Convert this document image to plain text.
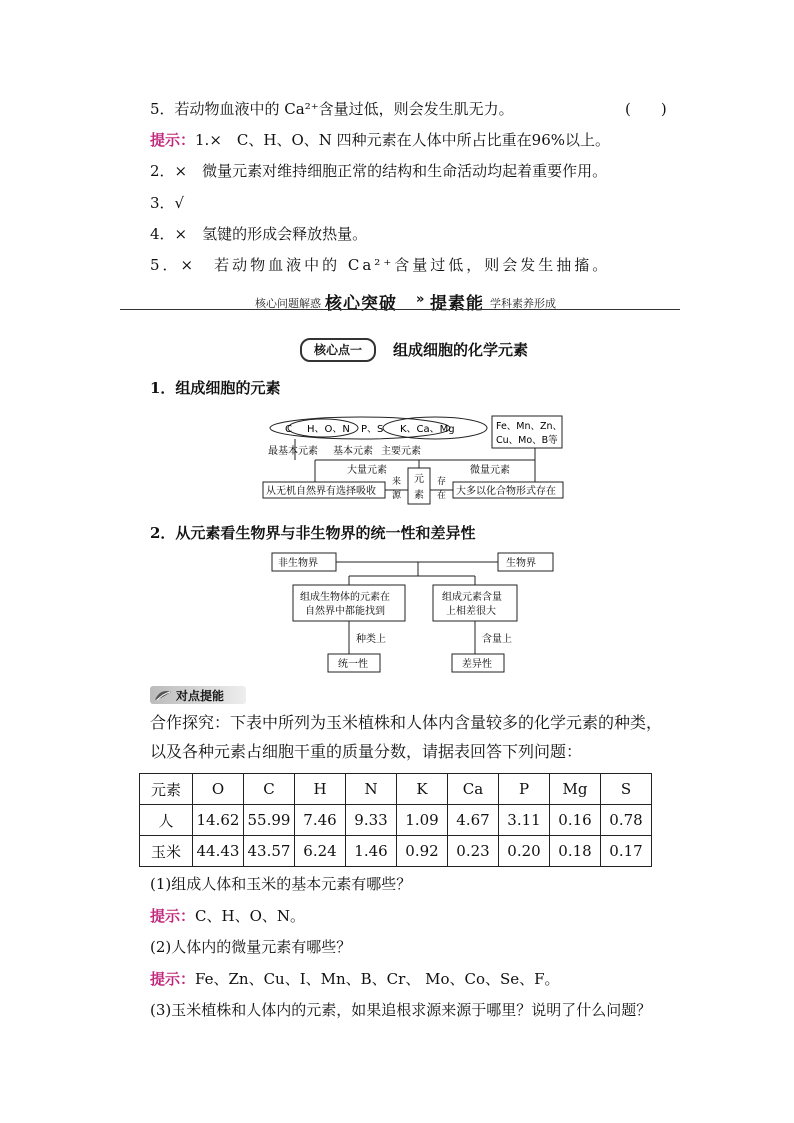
5．若动物血液中的 Ca²⁺含量过低，则会发生肌无力。	(　　)
提示：1.×　C、H、O、N 四种元素在人体中所占比重在96%以上。
2．×　微量元素对维持细胞正常的结构和生命活动均起着重要作用。
3．√
4．×　氢键的形成会释放热量。
5．×　若动物血液中的 Ca²⁺含量过低，则会发生抽搐。
核心问题解惑 核心突破 » 提素能 学科素养形成
核心点一	组成细胞的化学元素
1．组成细胞的元素
C H、O、N P、S K、Ca、Mg	Fe、Mn、Zn、
Cu、Mo、B等
最基本元素 基本元素 主要元素
大量元素	微量元素
元
素
来
源
存
在
从无机自然界有选择吸收	大多以化合物形式存在
2．从元素看生物界与非生物界的统一性和差异性
非生物界	生物界
组成生物体的元素在
自然界中都能找到
组成元素含量
上相差很大
种类上	含量上
统一性	差异性
对点提能
合作探究：下表中所列为玉米植株和人体内含量较多的化学元素的种类，
以及各种元素占细胞干重的质量分数，请据表回答下列问题：
元素	O	C	H	N	K	Ca	P	Mg	S
人	14.62	55.99	7.46	9.33	1.09	4.67	3.11	0.16	0.78
玉米	44.43	43.57	6.24	1.46	0.92	0.23	0.20	0.18	0.17
(1)组成人体和玉米的基本元素有哪些？
提示：C、H、O、N。
(2)人体内的微量元素有哪些？
提示：Fe、Zn、Cu、I、Mn、B、Cr、 Mo、Co、Se、F。
(3)玉米植株和人体内的元素，如果追根求源来源于哪里？说明了什么问题？
